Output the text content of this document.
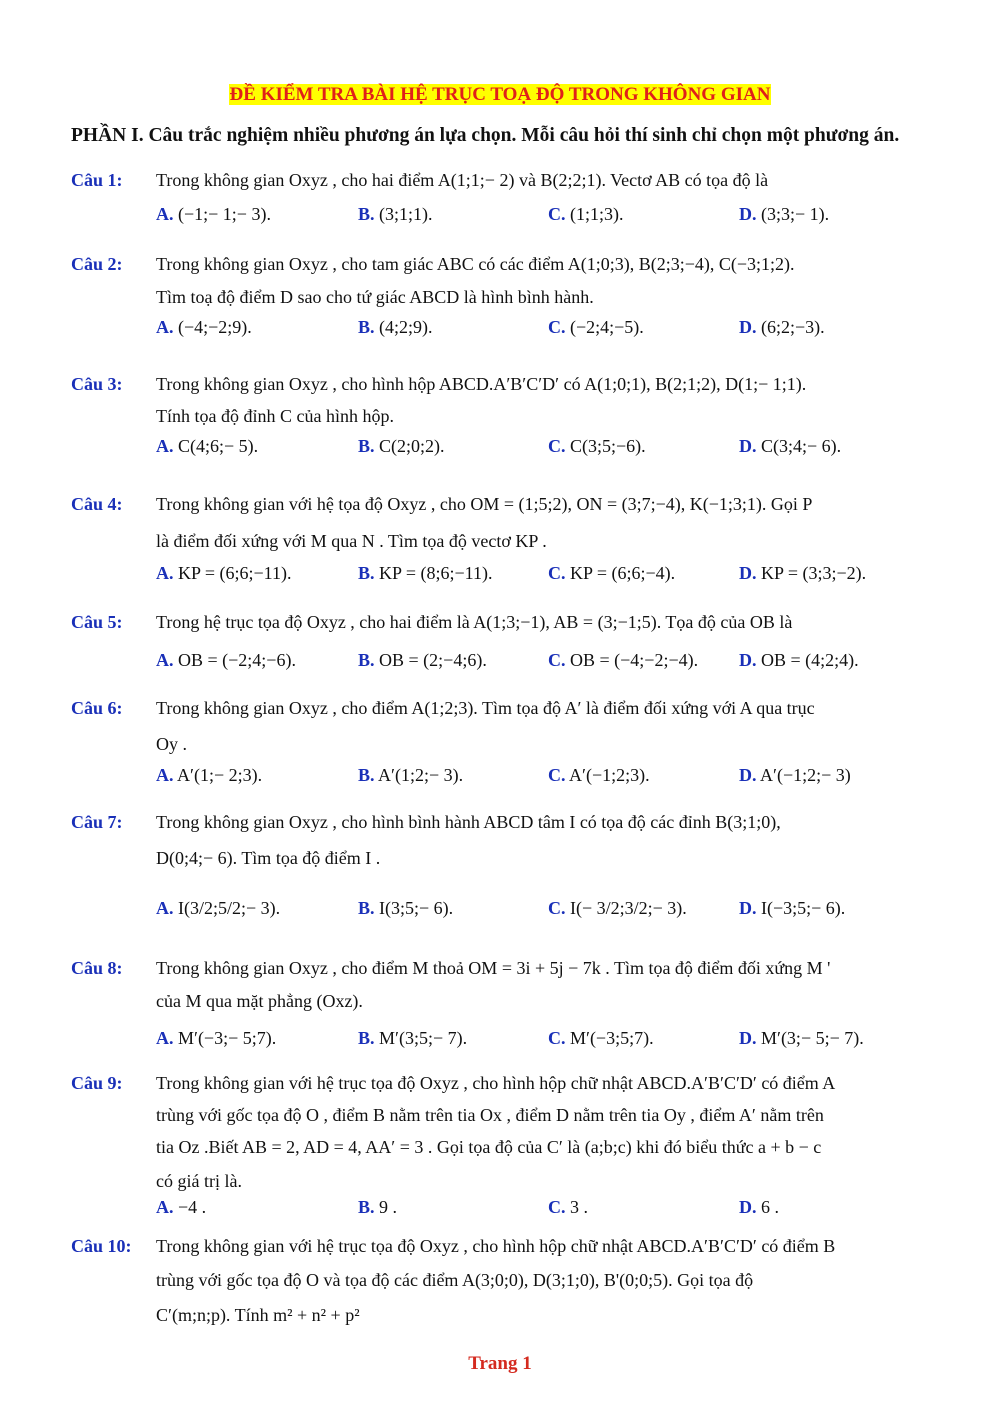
ĐỀ KIỂM TRA BÀI HỆ TRỤC TOẠ ĐỘ TRONG KHÔNG GIAN
PHẦN I. Câu trắc nghiệm nhiều phương án lựa chọn. Mỗi câu hỏi thí sinh chỉ chọn một phương án.
Câu 1: Trong không gian Oxyz , cho hai điểm A(1;1;− 2) và B(2;2;1). Vectơ AB có tọa độ là
A. (−1;− 1;− 3).	B. (3;1;1).	C. (1;1;3).	D. (3;3;− 1).
Câu 2: Trong không gian Oxyz , cho tam giác ABC có các điểm A(1;0;3), B(2;3;−4), C(−3;1;2).
Tìm toạ độ điểm D sao cho tứ giác ABCD là hình bình hành.
A. (−4;−2;9).	B. (4;2;9).	C. (−2;4;−5).	D. (6;2;−3).
Câu 3: Trong không gian Oxyz , cho hình hộp ABCD.A′B′C′D′ có A(1;0;1), B(2;1;2), D(1;− 1;1).
Tính tọa độ đỉnh C của hình hộp.
A. C(4;6;− 5).	B. C(2;0;2).	C. C(3;5;−6).	D. C(3;4;− 6).
Câu 4: Trong không gian với hệ tọa độ Oxyz , cho OM = (1;5;2), ON = (3;7;−4), K(−1;3;1). Gọi P
là điểm đối xứng với M qua N . Tìm tọa độ vectơ KP .
A. KP = (6;6;−11).	B. KP = (8;6;−11).	C. KP = (6;6;−4).	D. KP = (3;3;−2).
Câu 5: Trong hệ trục tọa độ Oxyz , cho hai điểm là A(1;3;−1), AB = (3;−1;5). Tọa độ của OB là
A. OB = (−2;4;−6).	B. OB = (2;−4;6).	C. OB = (−4;−2;−4). D. OB = (4;2;4).
Câu 6: Trong không gian Oxyz , cho điểm A(1;2;3). Tìm tọa độ A′ là điểm đối xứng với A qua trục
Oy .
A. A′(1;− 2;3).	B. A′(1;2;− 3).	C. A′(−1;2;3).	D. A′(−1;2;− 3)
Câu 7: Trong không gian Oxyz , cho hình bình hành ABCD tâm I có tọa độ các đỉnh B(3;1;0),
D(0;4;− 6). Tìm tọa độ điểm I .
A. I(3/2;5/2;− 3).	B. I(3;5;− 6).	C. I(− 3/2;3/2;− 3).	D. I(−3;5;− 6).
Câu 8: Trong không gian Oxyz , cho điểm M thoả OM = 3i + 5j − 7k . Tìm tọa độ điểm đối xứng M '
của M qua mặt phẳng (Oxz).
A. M′(−3;− 5;7).	B. M′(3;5;− 7).	C. M′(−3;5;7).	D. M′(3;− 5;− 7).
Câu 9: Trong không gian với hệ trục tọa độ Oxyz , cho hình hộp chữ nhật ABCD.A′B′C′D′ có điểm A
trùng với gốc tọa độ O , điểm B nằm trên tia Ox , điểm D nằm trên tia Oy , điểm A′ nằm trên
tia Oz .Biết AB = 2, AD = 4, AA′ = 3 . Gọi tọa độ của C′ là (a;b;c) khi đó biểu thức a + b − c
có giá trị là.
A. −4 .	B. 9 .	C. 3 .	D. 6 .
Câu 10: Trong không gian với hệ trục tọa độ Oxyz , cho hình hộp chữ nhật ABCD.A′B′C′D′ có điểm B
trùng với gốc tọa độ O và tọa độ các điểm A(3;0;0), D(3;1;0), B'(0;0;5). Gọi tọa độ
C′(m;n;p). Tính m² + n² + p²
Trang 1
